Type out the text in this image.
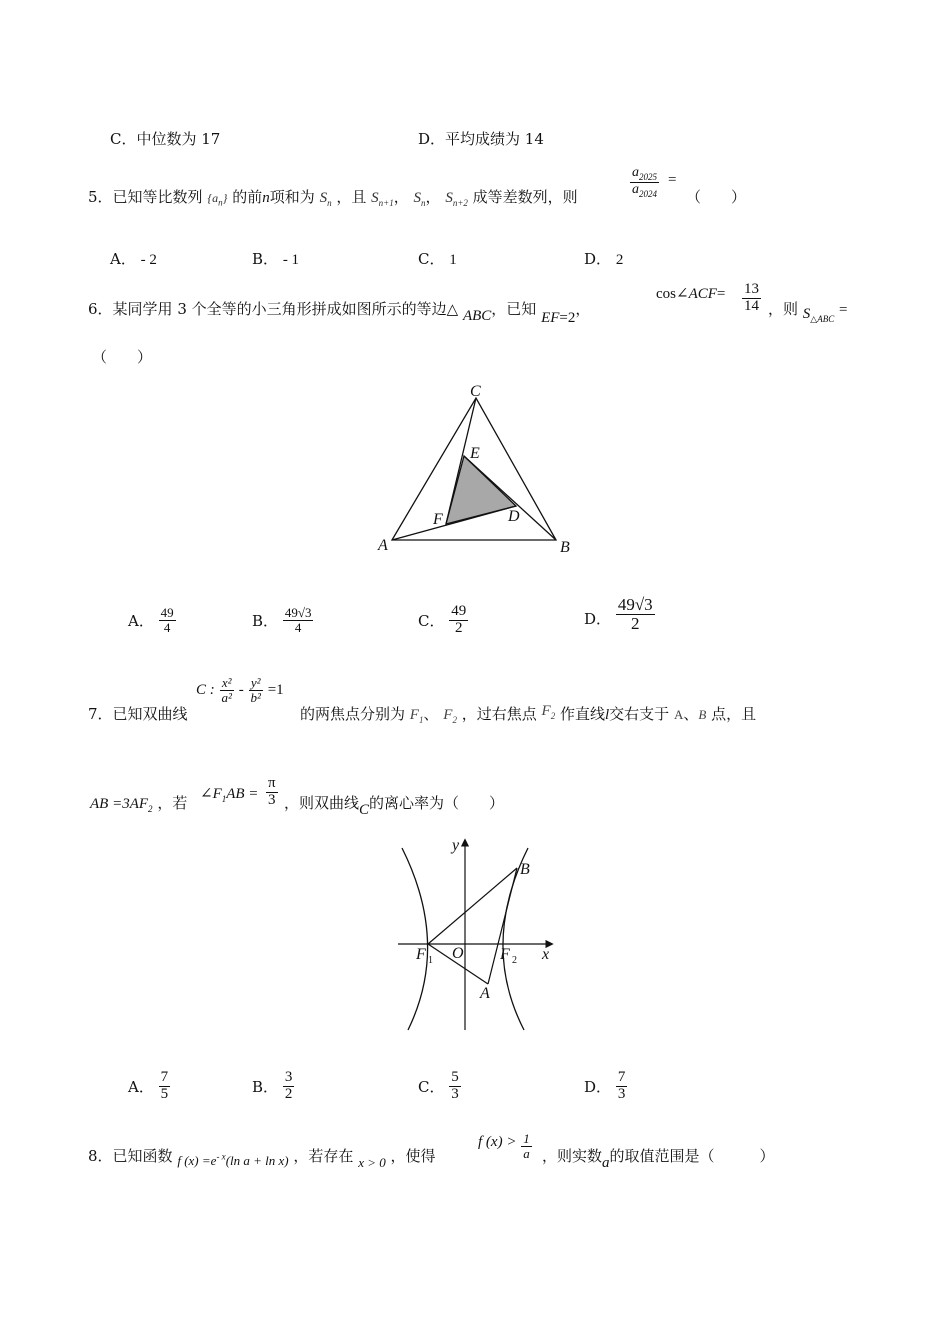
C．中位数为 17	D．平均成绩为 14
5．已知等比数列 $\{a_n\}$ 的前n项和为 $S_n$ ，且 $S_{n+1}$， $S_n$， $S_{n+2}$ 成等差数列，则	$\frac{a_{2025}}{a_{2024}}$ =
（　　）
A． - 2	B． - 1	C． 1	D． 2
6．某同学用 3 个全等的小三角形拼成如图所示的等边△ ABC，已知 EF=2，
cos∠ACF= $\frac{13}{14}$ ，则 $S_{\triangle ABC}$ =
（　　）
C
A	B
E
D
F
A． $\frac{49}{4}$	B． $\frac{49√3}{4}$	C． $\frac{49}{2}$	D． $\frac{49√3}{2}$
7．已知双曲线
C : $\frac{\text{x²}}{\text{a²}} - \frac{\text{y²}}{\text{b²}} =1$
的两焦点分别为 $F_1$、 $F_2$ ，过右焦点 $F_2$ 作直线l交右支于 A、B 点，且
AB $=3AF_2$ ，若 $\angle F_1AB = \frac{\pi}{3}$ ，则双曲线C的离心率为（　　）
y
x
B
A
O
F 1	F 2
A． $\frac{7}{5}$	B． $\frac{3}{2}$	C． $\frac{5}{3}$	D． $\frac{7}{3}$
8．已知函数 f $(x) =e^{- x}(\ln$ a + ln x) ，若存在 x > 0 ，使得
f $(x) > \frac{1}{a}$ ，则实数a的取值范围是（　　　）
